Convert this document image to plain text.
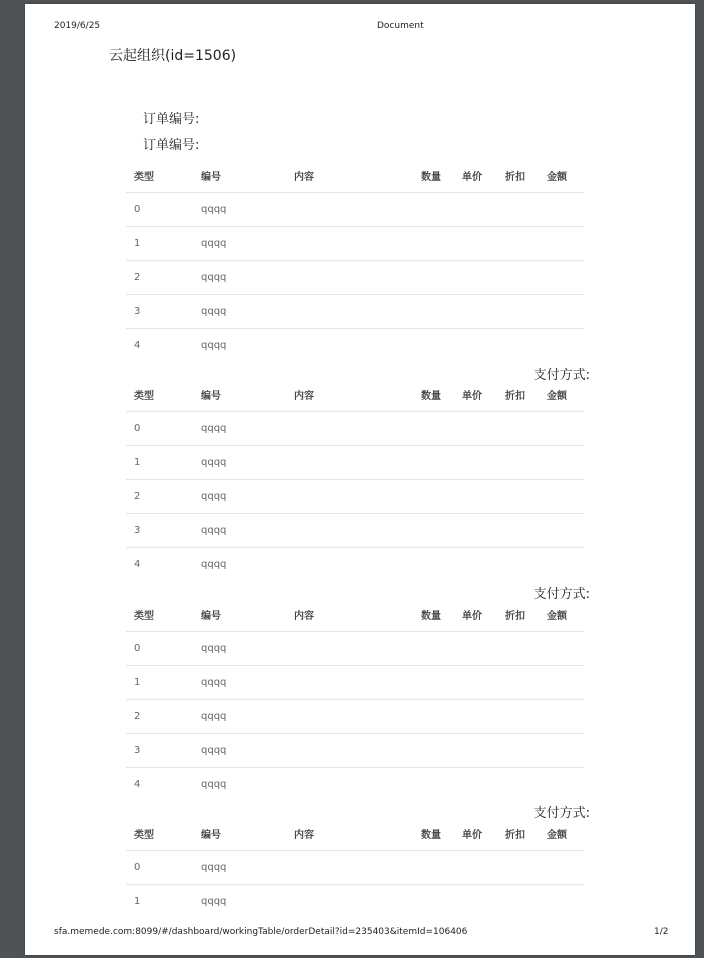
2019/6/25	Document
云起组织(id=1506)
订单编号:
订单编号:
类型	编号	内容	数量	单价	折扣	金额
0	qqqq					
1	qqqq					
2	qqqq					
3	qqqq					
4	qqqq					
支付方式:
类型	编号	内容	数量	单价	折扣	金额
0	qqqq					
1	qqqq					
2	qqqq					
3	qqqq					
4	qqqq					
支付方式:
类型	编号	内容	数量	单价	折扣	金额
0	qqqq					
1	qqqq					
2	qqqq					
3	qqqq					
4	qqqq					
支付方式:
类型	编号	内容	数量	单价	折扣	金额
0	qqqq					
1	qqqq					
sfa.memede.com:8099/#/dashboard/workingTable/orderDetail?id=235403&itemId=106406	1/2
